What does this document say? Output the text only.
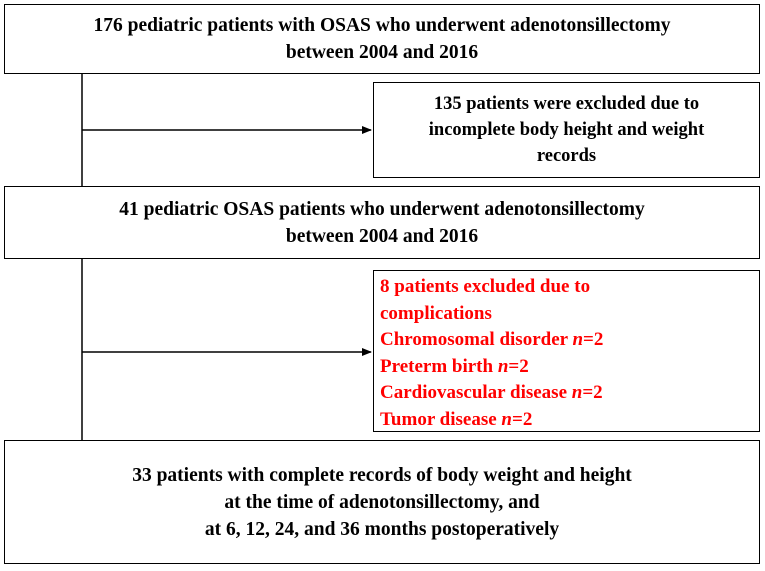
176 pediatric patients with OSAS who underwent adenotonsillectomy
between 2004 and 2016
135 patients were excluded due to
incomplete body height and weight
records
41 pediatric OSAS patients who underwent adenotonsillectomy
between 2004 and 2016
8 patients excluded due to
complications
Chromosomal disorder n=2
Preterm birth n=2
Cardiovascular disease n=2
Tumor disease n=2
33 patients with complete records of body weight and height
at the time of adenotonsillectomy, and
at 6, 12, 24, and 36 months postoperatively
